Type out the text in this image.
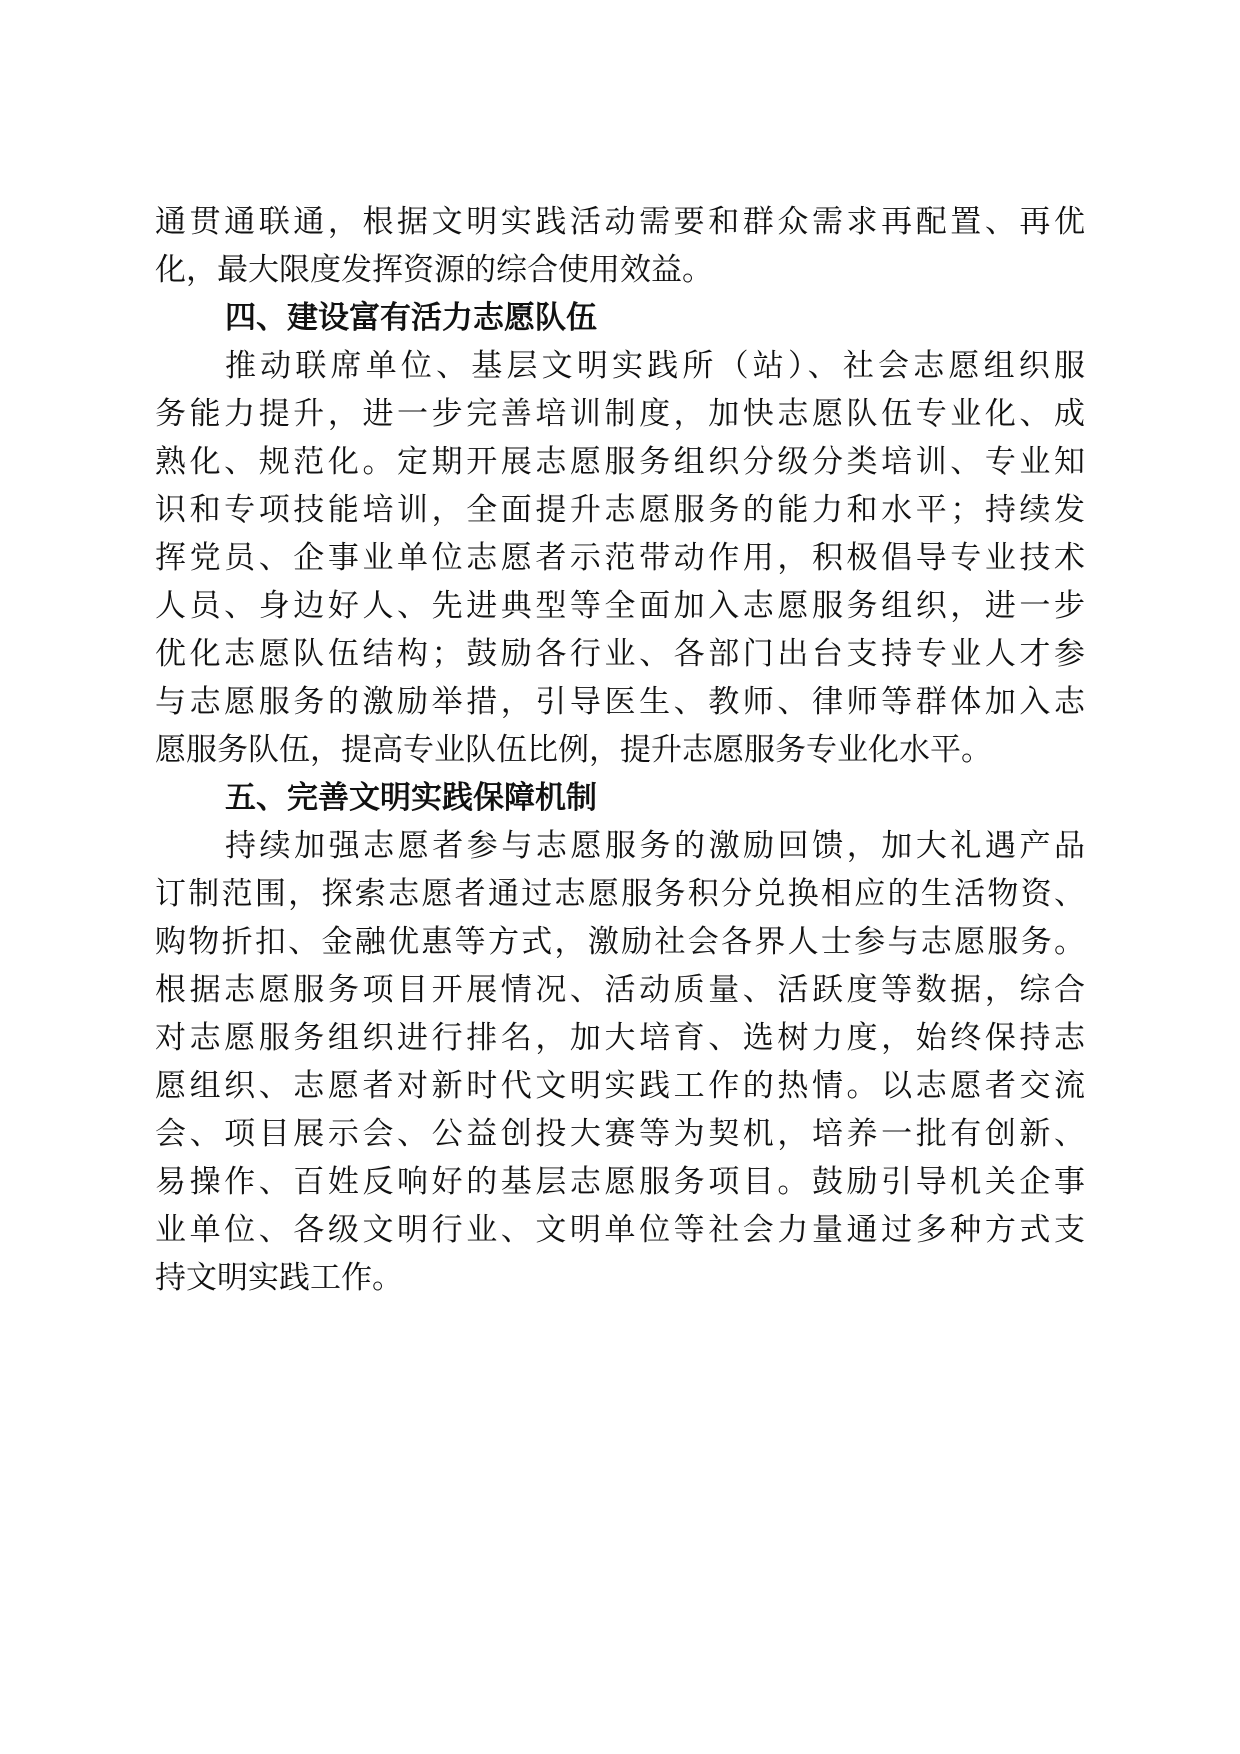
通贯通联通，根据文明实践活动需要和群众需求再配置、再优
化，最大限度发挥资源的综合使用效益。
四、建设富有活力志愿队伍
推动联席单位、基层文明实践所（站）、社会志愿组织服
务能力提升，进一步完善培训制度，加快志愿队伍专业化、成
熟化、规范化。定期开展志愿服务组织分级分类培训、专业知
识和专项技能培训，全面提升志愿服务的能力和水平；持续发
挥党员、企事业单位志愿者示范带动作用，积极倡导专业技术
人员、身边好人、先进典型等全面加入志愿服务组织，进一步
优化志愿队伍结构；鼓励各行业、各部门出台支持专业人才参
与志愿服务的激励举措，引导医生、教师、律师等群体加入志
愿服务队伍，提高专业队伍比例，提升志愿服务专业化水平。
五、完善文明实践保障机制
持续加强志愿者参与志愿服务的激励回馈，加大礼遇产品
订制范围，探索志愿者通过志愿服务积分兑换相应的生活物资、
购物折扣、金融优惠等方式，激励社会各界人士参与志愿服务。
根据志愿服务项目开展情况、活动质量、活跃度等数据，综合
对志愿服务组织进行排名，加大培育、选树力度，始终保持志
愿组织、志愿者对新时代文明实践工作的热情。以志愿者交流
会、项目展示会、公益创投大赛等为契机，培养一批有创新、
易操作、百姓反响好的基层志愿服务项目。鼓励引导机关企事
业单位、各级文明行业、文明单位等社会力量通过多种方式支
持文明实践工作。
